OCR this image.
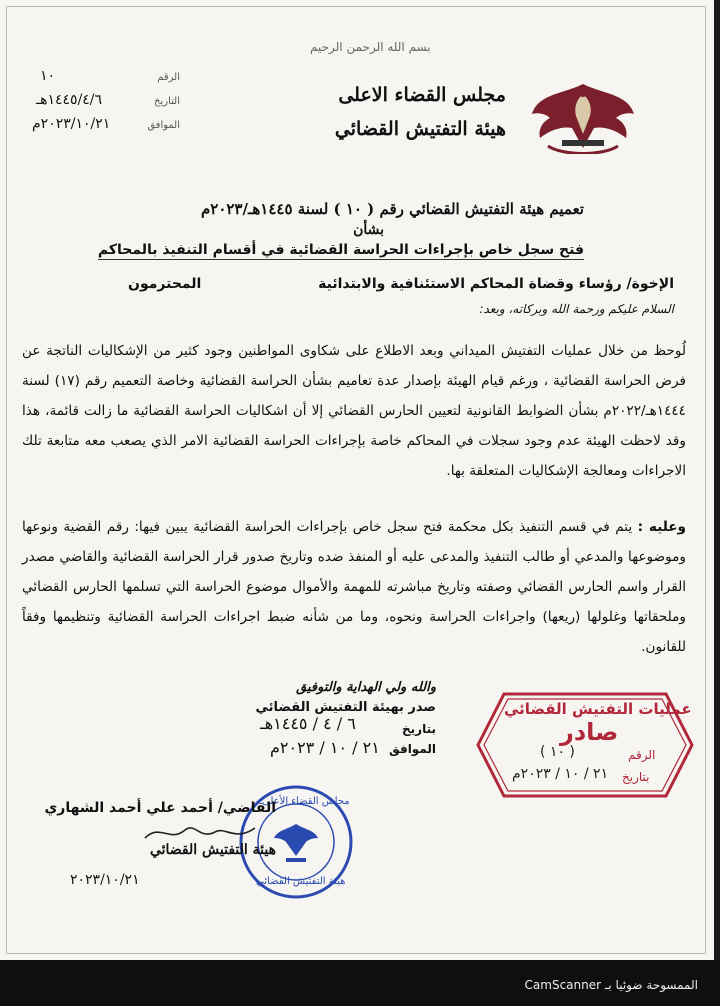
مجلس القضاء الاعلى
هيئة التفتيش القضائي
بسم الله الرحمن الرحيم
الرقم
١٠
التاريخ
١٤٤٥/٤/٦هـ
الموافق
٢٠٢٣/١٠/٢١م
تعميم هيئة التفتيش القضائي رقم ( ١٠ ) لسنة ١٤٤٥هـ/٢٠٢٣م
بشأن
فتح سجل خاص بإجراءات الحراسة القضائية في أقسام التنفيذ بالمحاكم
الإخوة/ رؤساء وقضاة المحاكم الاستئنافية والابتدائية
المحترمون
السلام عليكم ورحمة الله وبركاته، وبعد:
لُوحظ من خلال عمليات التفتيش الميداني وبعد الاطلاع على شكاوى المواطنين وجود كثير من الإشكاليات الناتجة عن فرض الحراسة القضائية ، ورغم قيام الهيئة بإصدار عدة تعاميم بشأن الحراسة القضائية وخاصة التعميم رقم (١٧) لسنة ١٤٤٤هـ/٢٠٢٢م بشأن الضوابط القانونية لتعيين الحارس القضائي إلا أن اشكاليات الحراسة القضائية ما زالت قائمة، هذا وقد لاحظت الهيئة عدم وجود سجلات في المحاكم خاصة بإجراءات الحراسة القضائية الامر الذي يصعب معه متابعة تلك الاجراءات ومعالجة الإشكاليات المتعلقة بها.
وعليه : يتم في قسم التنفيذ بكل محكمة فتح سجل خاص بإجراءات الحراسة القضائية يبين فيها: رقم القضية ونوعها وموضوعها والمدعي أو طالب التنفيذ والمدعى عليه أو المنفذ ضده وتاريخ صدور قرار الحراسة القضائية والقاضي مصدر القرار واسم الحارس القضائي وصفته وتاريخ مباشرته للمهمة والأموال موضوع الحراسة التي تسلمها الحارس القضائي وملحقاتها وغلولها (ريعها) واجراءات الحراسة ونحوه، وما من شأنه ضبط اجراءات الحراسة القضائية وتنظيمها وفقاً للقانون.
والله ولي الهداية والتوفيق
صدر بهيئة التفتيش القضائي
بتاريخ
٦ / ٤ / ١٤٤٥هـ
الموافق
٢١ / ١٠ / ٢٠٢٣م
عمليات التفتيش القضائي
صادر
الرقم
( ١٠ )
بتاريخ
٢١ / ١٠ / ٢٠٢٣م
مجلس القضاء الأعلى
هيئة التفتيش القضائي
القاضي/ أحمد علي أحمد الشهاري
هيئة التفتيش القضائي
٢٠٢٣/١٠/٢١
الممسوحة ضوئيا بـ CamScanner
